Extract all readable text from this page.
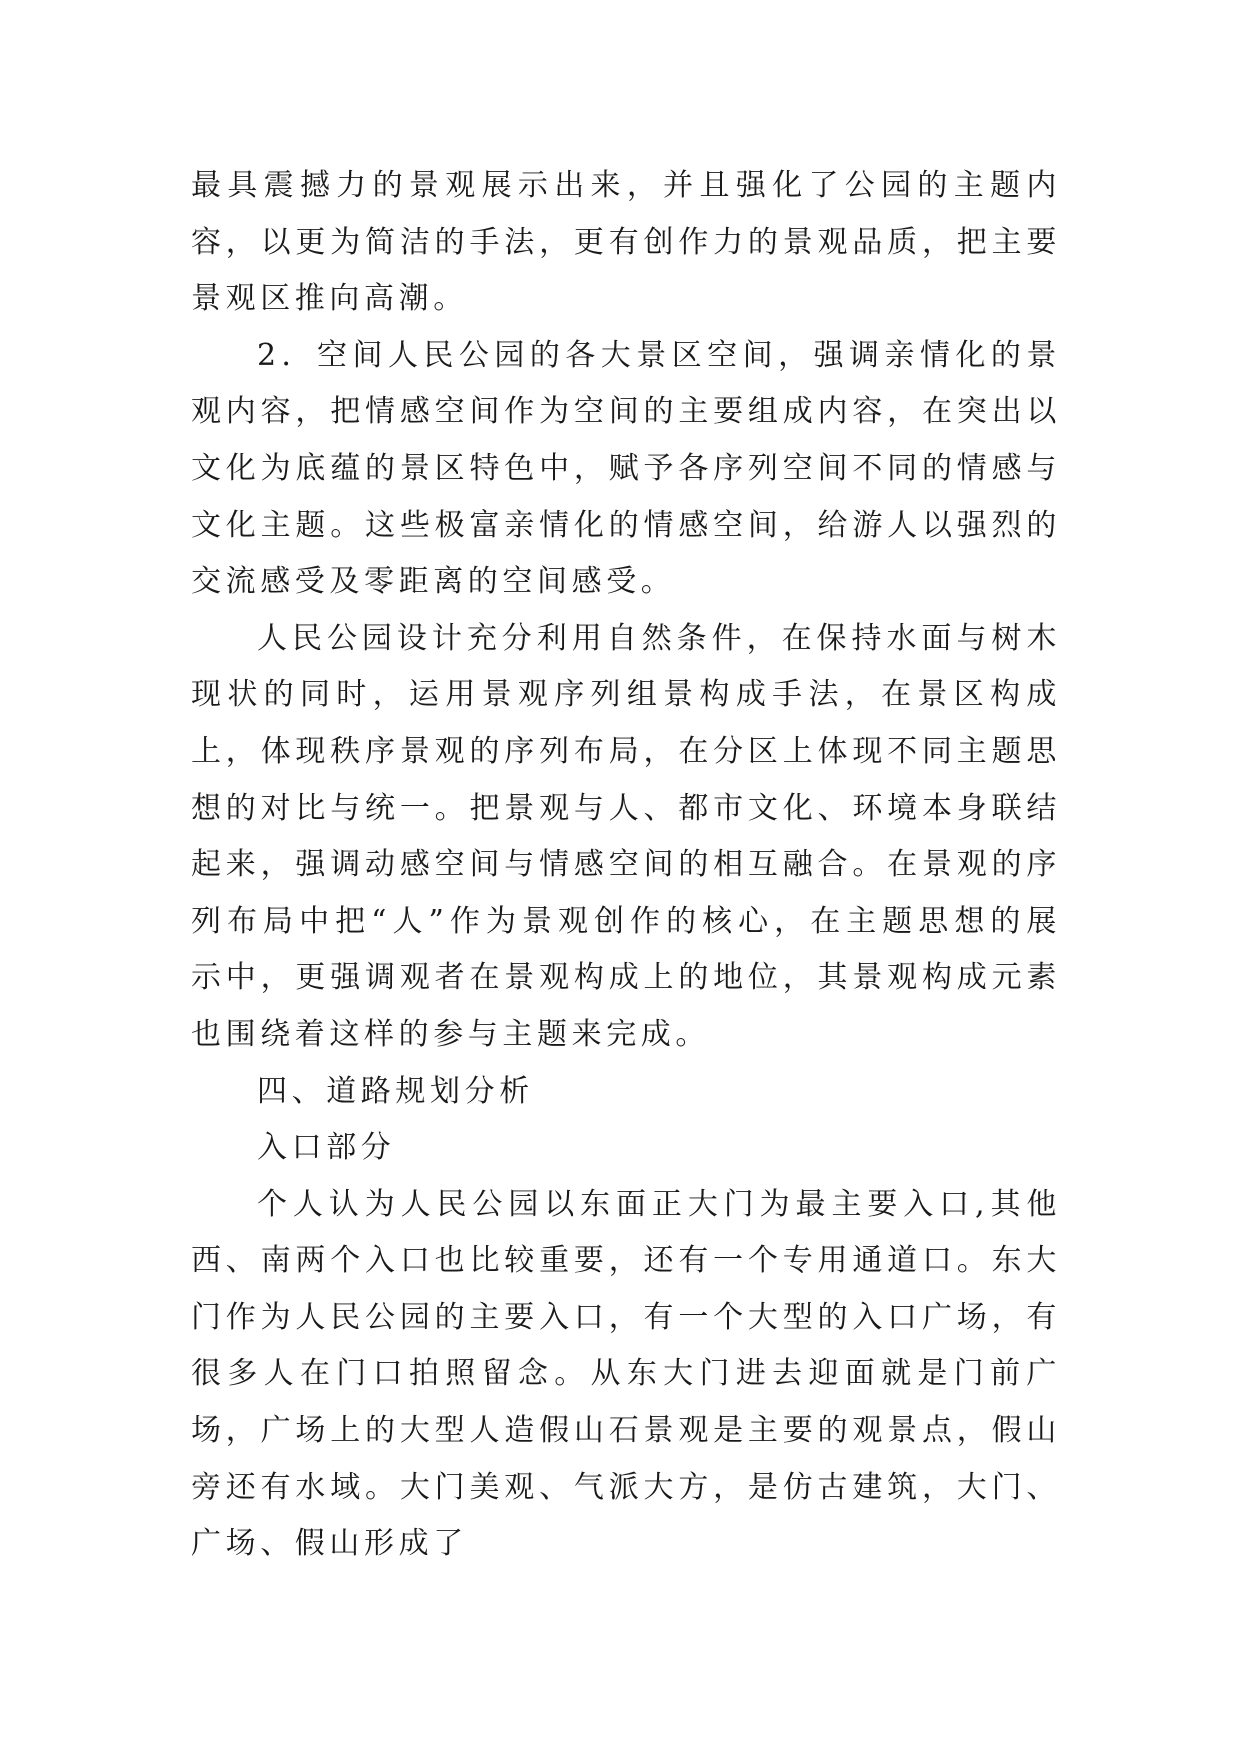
最具震撼力的景观展示出来，并且强化了公园的主题内容，以更为简洁的手法，更有创作力的景观品质，把主要景观区推向高潮。

2．空间人民公园的各大景区空间，强调亲情化的景观内容，把情感空间作为空间的主要组成内容，在突出以文化为底蕴的景区特色中，赋予各序列空间不同的情感与文化主题。这些极富亲情化的情感空间，给游人以强烈的交流感受及零距离的空间感受。

人民公园设计充分利用自然条件，在保持水面与树木现状的同时，运用景观序列组景构成手法，在景区构成上，体现秩序景观的序列布局，在分区上体现不同主题思想的对比与统一。把景观与人、都市文化、环境本身联结起来，强调动感空间与情感空间的相互融合。在景观的序列布局中把“人”作为景观创作的核心，在主题思想的展示中，更强调观者在景观构成上的地位，其景观构成元素也围绕着这样的参与主题来完成。

四、道路规划分析

入口部分

个人认为人民公园以东面正大门为最主要入口,其他西、南两个入口也比较重要，还有一个专用通道口。东大门作为人民公园的主要入口，有一个大型的入口广场，有很多人在门口拍照留念。从东大门进去迎面就是门前广场，广场上的大型人造假山石景观是主要的观景点，假山旁还有水域。大门美观、气派大方，是仿古建筑，大门、广场、假山形成了
